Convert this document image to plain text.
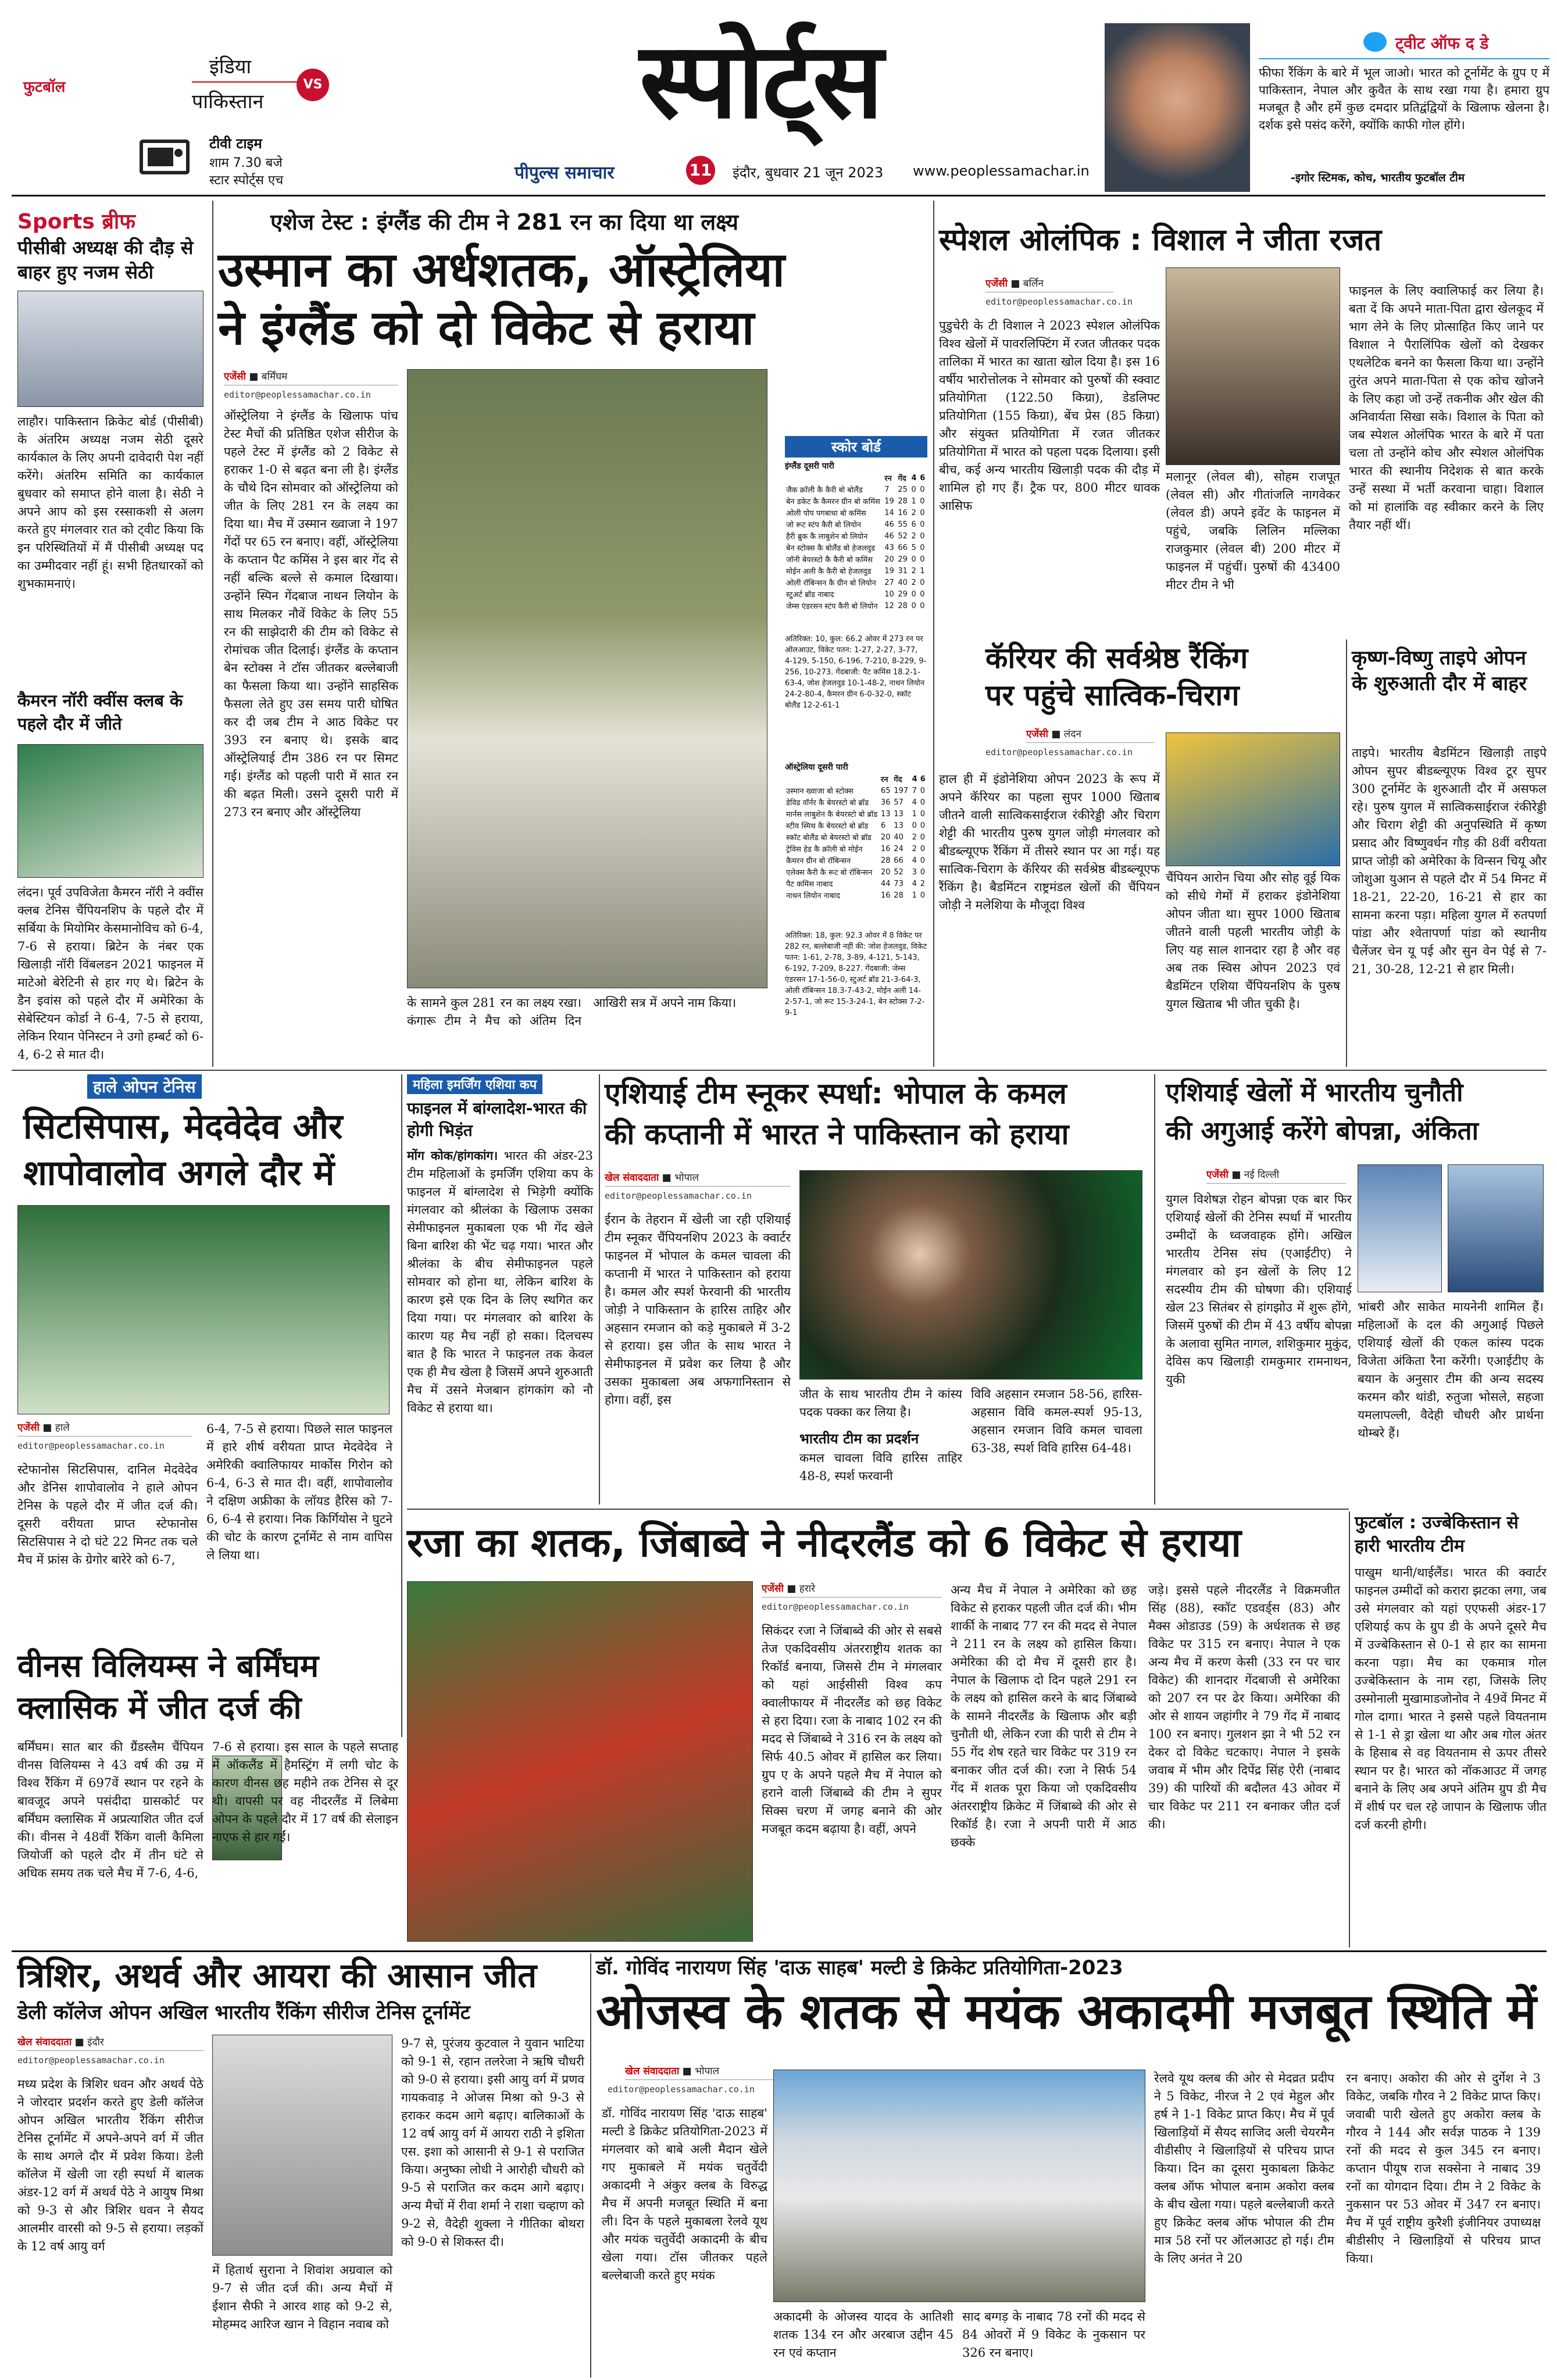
फुटबॉल
इंडिया
पाकिस्तान
VS
टीवी टाइम
शाम 7.30 बजे
स्टार स्पोर्ट्स एच
स्पोर्ट्स
पीपुल्स समाचार	11 इंदौर, बुधवार 21 जून 2023 www.peoplessamachar.in
ट्वीट ऑफ द डे
फीफा रैंकिंग के बारे में भूल जाओ। भारत को टूर्नामेंट के ग्रुप ए में पाकिस्तान, नेपाल और कुवैत के साथ रखा गया है। हमारा ग्रुप मजबूत है और हमें कुछ दमदार प्रतिद्वंद्वियों के खिलाफ खेलना है। दर्शक इसे पसंद करेंगे, क्योंकि काफी गोल होंगे।
-इगोर स्टिमक, कोच, भारतीय फुटबॉल टीम
Sports ब्रीफ
पीसीबी अध्यक्ष की दौड़ से बाहर हुए नजम सेठी
लाहौर। पाकिस्तान क्रिकेट बोर्ड (पीसीबी) के अंतरिम अध्यक्ष नजम सेठी दूसरे कार्यकाल के लिए अपनी दावेदारी पेश नहीं करेंगे। अंतरिम समिति का कार्यकाल बुधवार को समाप्त होने वाला है। सेठी ने अपने आप को इस रस्साकशी से अलग करते हुए मंगलवार रात को ट्वीट किया कि इन परिस्थितियों में मैं पीसीबी अध्यक्ष पद का उम्मीदवार नहीं हूं। सभी हितधारकों को शुभकामनाएं।
कैमरन नॉरी क्वींस क्लब के पहले दौर में जीते
लंदन। पूर्व उपविजेता कैमरन नॉरी ने क्वींस क्लब टेनिस चैंपियनशिप के पहले दौर में सर्बिया के मियोमिर केसमानोविच को 6-4, 7-6 से हराया। ब्रिटेन के नंबर एक खिलाड़ी नॉरी विंबलडन 2021 फाइनल में माटेओ बेरेटिनी से हार गए थे। ब्रिटेन के डैन इवांस को पहले दौर में अमेरिका के सेबेस्टियन कोर्डा ने 6-4, 7-5 से हराया, लेकिन रियान पेनिस्टन ने उगो हम्बर्ट को 6-4, 6-2 से मात दी।
एशेज टेस्ट : इंग्लैंड की टीम ने 281 रन का दिया था लक्ष्य
उस्मान का अर्धशतक, ऑस्ट्रेलिया
ने इंग्लैंड को दो विकेट से हराया
एजेंसी ■ बर्मिंघम
editor@peoplessamachar.co.in
ऑस्ट्रेलिया ने इंग्लैंड के खिलाफ पांच टेस्ट मैचों की प्रतिष्ठित एशेज सीरीज के पहले टेस्ट में इंग्लैंड को 2 विकेट से हराकर 1-0 से बढ़त बना ली है। इंग्लैंड के चौथे दिन सोमवार को ऑस्ट्रेलिया को जीत के लिए 281 रन के लक्ष्य का दिया था। मैच में उस्मान ख्वाजा ने 197 गेंदों पर 65 रन बनाए। वहीं, ऑस्ट्रेलिया के कप्तान पैट कमिंस ने इस बार गेंद से नहीं बल्कि बल्ले से कमाल दिखाया। उन्होंने स्पिन गेंदबाज नाथन लियोन के साथ मिलकर नौवें विकेट के लिए 55 रन की साझेदारी की टीम को विकेट से रोमांचक जीत दिलाई। इंग्लैंड के कप्तान बेन स्टोक्स ने टॉस जीतकर बल्लेबाजी का फैसला किया था। उन्होंने साहसिक फैसला लेते हुए उस समय पारी घोषित कर दी जब टीम ने आठ विकेट पर 393 रन बनाए थे। इसके बाद ऑस्ट्रेलियाई टीम 386 रन पर सिमट गई। इंग्लैंड को पहली पारी में सात रन की बढ़त मिली। उसने दूसरी पारी में 273 रन बनाए और ऑस्ट्रेलिया
के सामने कुल 281 रन का लक्ष्य रखा। कंगारू टीम ने मैच को अंतिम दिन आखिरी सत्र में अपने नाम किया।
स्कोर बोर्ड
इंग्लैंड दूसरी पारी
	रन	गेंद	4	6
जैक क्रॉली कै कैरी बो बोलैंड	7	25	0	0
बेन डकेट कै कैमरन ग्रीन बो कमिंस	19	28	1	0
ओली पोप पगबाधा बो कमिंस	14	16	2	0
जो रूट स्टंप कैरी बो लियोन	46	55	6	0
हैरी ब्रुक कै लाबुशेन बो लियोन	46	52	2	0
बेन स्टोक्स कै बोलैंड बो हेजलवुड	43	66	5	0
जॉनी बेयरस्टो कै कैरी बो कमिंस	20	29	0	0
मोईन अली कै कैरी बो हेजलवुड	19	31	2	1
ओली रॉबिन्सन कै ग्रीन बो लियोन	27	40	2	0
स्टुअर्ट ब्रॉड नाबाद	10	29	0	0
जेम्स एंडरसन स्टंप कैरी बो लियोन	12	28	0	0
अतिरिक्त: 10, कुल: 66.2 ओवर में 273 रन पर ऑलआउट, विकेट पतन: 1-27, 2-27, 3-77, 4-129, 5-150, 6-196, 7-210, 8-229, 9-256, 10-273. गेंदबाजी: पैट कमिंस 18.2-1-63-4, जोश हेजलवुड 10-1-48-2, नाथन लियोन 24-2-80-4, कैमरन ग्रीन 6-0-32-0, स्कॉट बोलैंड 12-2-61-1
ऑस्ट्रेलिया दूसरी पारी
	रन	गेंद	4	6
उस्मान ख्वाजा बो स्टोक्स	65	197	7	0
डेविड वॉर्नर कै बेयरस्टो बो ब्रॉड	36	57	4	0
मार्नस लाबुशेन कै बेयरस्टो बो ब्रॉड	13	13	1	0
स्टीव स्मिथ कै बेयरस्टो बो ब्रॉड	6	13	0	0
स्कॉट बोलैंड बो बेयरस्टो बो ब्रॉड	20	40	2	0
ट्रेविस हेड कै क्रॉली बो मोईन	16	24	2	0
कैमरन ग्रीन बो रॉबिन्सन	28	66	4	0
एलेक्स कैरी कै रूट बो रॉबिन्सन	20	52	3	0
पैट कमिंस नाबाद	44	73	4	2
नाथन लियोन नाबाद	16	28	1	0
अतिरिक्त: 18, कुल: 92.3 ओवर में 8 विकेट पर 282 रन, बल्लेबाजी नहीं की: जोश हेजलवुड, विकेट पतन: 1-61, 2-78, 3-89, 4-121, 5-143, 6-192, 7-209, 8-227. गेंदबाजी: जेम्स एंडरसन 17-1-56-0, स्टुअर्ट ब्रॉड 21-3-64-3, ओली रॉबिन्सन 18.3-7-43-2, मोईन अली 14-2-57-1, जो रूट 15-3-24-1, बेन स्टोक्स 7-2-9-1
स्पेशल ओलंपिक : विशाल ने जीता रजत
एजेंसी ■ बर्लिन
editor@peoplessamachar.co.in
पुडुचेरी के टी विशाल ने 2023 स्पेशल ओलंपिक विश्व खेलों में पावरलिफ्टिंग में रजत जीतकर पदक तालिका में भारत का खाता खोल दिया है। इस 16 वर्षीय भारोत्तोलक ने सोमवार को पुरुषों की स्क्वाट प्रतियोगिता (122.50 किग्रा), डेडलिफ्ट प्रतियोगिता (155 किग्रा), बेंच प्रेस (85 किग्रा) और संयुक्त प्रतियोगिता में रजत जीतकर प्रतियोगिता में भारत को पहला पदक दिलाया। इसी बीच, कई अन्य भारतीय खिलाड़ी पदक की दौड़ में शामिल हो गए हैं। ट्रैक पर, 800 मीटर धावक आसिफ
मलानूर (लेवल बी), सोहम राजपूत (लेवल सी) और गीतांजलि नागवेकर (लेवल डी) अपने इवेंट के फाइनल में पहुंचे, जबकि लिलिन मल्लिका राजकुमार (लेवल बी) 200 मीटर में फाइनल में पहुंचीं। पुरुषों की 43400 मीटर टीम ने भी
फाइनल के लिए क्वालिफाई कर लिया है। बता दें कि अपने माता-पिता द्वारा खेलकूद में भाग लेने के लिए प्रोत्साहित किए जाने पर विशाल ने पैरालिंपिक खेलों को देखकर एथलेटिक बनने का फैसला किया था। उन्होंने तुरंत अपने माता-पिता से एक कोच खोजने के लिए कहा जो उन्हें तकनीक और खेल की अनिवार्यता सिखा सके। विशाल के पिता को जब स्पेशल ओलंपिक भारत के बारे में पता चला तो उन्होंने कोच और स्पेशल ओलंपिक भारत की स्थानीय निदेशक से बात करके उन्हें सस्था में भर्ती करवाना चाहा। विशाल को मां हालांकि वह स्वीकार करने के लिए तैयार नहीं थीं।
कॅरियर की सर्वश्रेष्ठ रैंकिंग
पर पहुंचे सात्विक-चिराग
एजेंसी ■ लंदन
editor@peoplessamachar.co.in
हाल ही में इंडोनेशिया ओपन 2023 के रूप में अपने कॅरियर का पहला सुपर 1000 खिताब जीतने वाली सात्विकसाईराज रंकीरेड्डी और चिराग शेट्टी की भारतीय पुरुष युगल जोड़ी मंगलवार को बीडब्ल्यूएफ रैंकिंग में तीसरे स्थान पर आ गई। यह सात्विक-चिराग के कॅरियर की सर्वश्रेष्ठ बीडब्ल्यूएफ रैंकिंग है। बैडमिंटन राष्ट्रमंडल खेलों की चैंपियन जोड़ी ने मलेशिया के मौजूदा विश्व
चैंपियन आरोन चिया और सोह वूई यिक को सीधे गेमों में हराकर इंडोनेशिया ओपन जीता था। सुपर 1000 खिताब जीतने वाली पहली भारतीय जोड़ी के लिए यह साल शानदार रहा है और वह अब तक स्विस ओपन 2023 एवं बैडमिंटन एशिया चैंपियनशिप के पुरुष युगल खिताब भी जीत चुकी है।
कृष्ण-विष्णु ताइपे ओपन के शुरुआती दौर में बाहर
ताइपे। भारतीय बैडमिंटन खिलाड़ी ताइपे ओपन सुपर बीडब्ल्यूएफ विश्व टूर सुपर 300 टूर्नामेंट के शुरुआती दौर में असफल रहे। पुरुष युगल में सात्विकसाईराज रंकीरेड्डी और चिराग शेट्टी की अनुपस्थिति में कृष्ण प्रसाद और विष्णुवर्धन गौड़ की 8वीं वरीयता प्राप्त जोड़ी को अमेरिका के विन्सन चियू और जोशुआ युआन से पहले दौर में 54 मिनट में 18-21, 22-20, 16-21 से हार का सामना करना पड़ा। महिला युगल में रुतपर्णा पांडा और श्वेतापर्णा पांडा को स्थानीय चैलेंजर चेन यू पई और सुन वेन पेई से 7-21, 30-28, 12-21 से हार मिली।
हाले ओपन टेनिस
सिटसिपास, मेदवेदेव और
शापोवालोव अगले दौर में
एजेंसी ■ हाले
editor@peoplessamachar.co.in
स्टेफानोस सिटसिपास, दानिल मेदवेदेव और डेनिस शापोवालोव ने हाले ओपन टेनिस के पहले दौर में जीत दर्ज की। दूसरी वरीयता प्राप्त स्टेफानोस सिटसिपास ने दो घंटे 22 मिनट तक चले मैच में फ्रांस के ग्रेगोर बारेरे को 6-7,
6-4, 7-5 से हराया। पिछले साल फाइनल में हारे शीर्ष वरीयता प्राप्त मेदवेदेव ने अमेरिकी क्वालिफायर मार्कोस गिरोन को 6-4, 6-3 से मात दी। वहीं, शापोवालोव ने दक्षिण अफ्रीका के लॉयड हैरिस को 7-6, 6-4 से हराया। निक किर्गियोस ने घुटने की चोट के कारण टूर्नामेंट से नाम वापिस ले लिया था।
महिला इमर्जिंग एशिया कप
फाइनल में बांग्लादेश-भारत की होगी भिड़ंत
मोंग कोक/हांगकांग। भारत की अंडर-23 टीम महिलाओं के इमर्जिंग एशिया कप के फाइनल में बांग्लादेश से भिड़ेगी क्योंकि मंगलवार को श्रीलंका के खिलाफ उसका सेमीफाइनल मुकाबला एक भी गेंद खेले बिना बारिश की भेंट चढ़ गया। भारत और श्रीलंका के बीच सेमीफाइनल पहले सोमवार को होना था, लेकिन बारिश के कारण इसे एक दिन के लिए स्थगित कर दिया गया। पर मंगलवार को बारिश के कारण यह मैच नहीं हो सका। दिलचस्प बात है कि भारत ने फाइनल तक केवल एक ही मैच खेला है जिसमें अपने शुरुआती मैच में उसने मेजबान हांगकांग को नौ विकेट से हराया था।
एशियाई टीम स्नूकर स्पर्धा: भोपाल के कमल
की कप्तानी में भारत ने पाकिस्तान को हराया
खेल संवाददाता ■ भोपाल
editor@peoplessamachar.co.in
ईरान के तेहरान में खेली जा रही एशियाई टीम स्नूकर चैंपियनशिप 2023 के क्वार्टर फाइनल में भोपाल के कमल चावला की कप्तानी में भारत ने पाकिस्तान को हराया है। कमल और स्पर्श फेरवानी की भारतीय जोड़ी ने पाकिस्तान के हारिस ताहिर और अहसान रमजान को कड़े मुकाबले में 3-2 से हराया। इस जीत के साथ भारत ने सेमीफाइनल में प्रवेश कर लिया है और उसका मुकाबला अब अफगानिस्तान से होगा। वहीं, इस	जीत के साथ भारतीय टीम ने कांस्य पदक पक्का कर लिया है।
भारतीय टीम का प्रदर्शन
कमल चावला विवि हारिस ताहिर 48-8, स्पर्श फरवानी
विवि अहसान रमजान 58-56, हारिस-अहसान विवि कमल-स्पर्श 95-13, अहसान रमजान विवि कमल चावला 63-38, स्पर्श विवि हारिस 64-48।
एशियाई खेलों में भारतीय चुनौती
की अगुआई करेंगे बोपन्ना, अंकिता
एजेंसी ■ नई दिल्ली
युगल विशेषज्ञ रोहन बोपन्ना एक बार फिर एशियाई खेलों की टेनिस स्पर्धा में भारतीय उम्मीदों के ध्वजवाहक होंगे। अखिल भारतीय टेनिस संघ (एआईटीए) ने मंगलवार को इन खेलों के लिए 12 सदस्यीय टीम की घोषणा की। एशियाई खेल 23 सितंबर से हांगझोउ में शुरू होंगे, जिसमें पुरुषों की टीम में 43 वर्षीय बोपन्ना के अलावा सुमित नागल, शशिकुमार मुकुंद, देविस कप खिलाड़ी रामकुमार रामनाथन, युकी
भांबरी और साकेत मायनेनी शामिल हैं। महिलाओं के दल की अगुआई पिछले एशियाई खेलों की एकल कांस्य पदक विजेता अंकिता रैना करेंगी। एआईटीए के बयान के अनुसार टीम की अन्य सदस्य करमन कौर थांडी, रुतुजा भोसले, सहजा यमलापल्ली, वैदेही चौधरी और प्रार्थना थोम्बरे हैं।
रजा का शतक, जिंबाब्वे ने नीदरलैंड को 6 विकेट से हराया
एजेंसी ■ हरारे
editor@peoplessamachar.co.in
सिकंदर रजा ने जिंबाब्वे की ओर से सबसे तेज एकदिवसीय अंतरराष्ट्रीय शतक का रिकॉर्ड बनाया, जिससे टीम ने मंगलवार को यहां आईसीसी विश्व कप क्वालीफायर में नीदरलैंड को छह विकेट से हरा दिया। रजा के नाबाद 102 रन की मदद से जिंबाब्वे ने 316 रन के लक्ष्य को सिर्फ 40.5 ओवर में हासिल कर लिया। ग्रुप ए के अपने पहले मैच में नेपाल को हराने वाली जिंबाब्वे की टीम ने सुपर सिक्स चरण में जगह बनाने की ओर मजबूत कदम बढ़ाया है। वहीं, अपने
अन्य मैच में नेपाल ने अमेरिका को छह विकेट से हराकर पहली जीत दर्ज की। भीम शार्की के नाबाद 77 रन की मदद से नेपाल ने 211 रन के लक्ष्य को हासिल किया। अमेरिका की दो मैच में दूसरी हार है। नेपाल के खिलाफ दो दिन पहले 291 रन के लक्ष्य को हासिल करने के बाद जिंबाब्वे के सामने नीदरलैंड के खिलाफ और बड़ी चुनौती थी, लेकिन रजा की पारी से टीम ने 55 गेंद शेष रहते चार विकेट पर 319 रन बनाकर जीत दर्ज की। रजा ने सिर्फ 54 गेंद में शतक पूरा किया जो एकदिवसीय अंतरराष्ट्रीय क्रिकेट में जिंबाब्वे की ओर से रिकॉर्ड है। रजा ने अपनी पारी में आठ छक्के
जड़े। इससे पहले नीदरलैंड ने विक्रमजीत सिंह (88), स्कॉट एडवर्ड्स (83) और मैक्स ओडाउड (59) के अर्धशतक से छह विकेट पर 315 रन बनाए। नेपाल ने एक अन्य मैच में करण केसी (33 रन पर चार विकेट) की शानदार गेंदबाजी से अमेरिका को 207 रन पर ढेर किया। अमेरिका की ओर से शायन जहांगीर ने 79 गेंद में नाबाद 100 रन बनाए। गुलशन झा ने भी 52 रन देकर दो विकेट चटकाए। नेपाल ने इसके जवाब में भीम और दिपेंद्र सिंह ऐरी (नाबाद 39) की पारियों की बदौलत 43 ओवर में चार विकेट पर 211 रन बनाकर जीत दर्ज की।
फुटबॉल : उज्बेकिस्तान से हारी भारतीय टीम
पाखुम थानी/थाईलैंड। भारत की क्वार्टर फाइनल उम्मीदों को करारा झटका लगा, जब उसे मंगलवार को यहां एएफसी अंडर-17 एशियाई कप के ग्रुप डी के अपने दूसरे मैच में उज्बेकिस्तान से 0-1 से हार का सामना करना पड़ा। मैच का एकमात्र गोल उज्बेकिस्तान के नाम रहा, जिसके लिए उस्मोनाली मुखामाडजोनोव ने 49वें मिनट में गोल दागा। भारत ने इससे पहले वियतनाम से 1-1 से ड्रा खेला था और अब गोल अंतर के हिसाब से वह वियतनाम से ऊपर तीसरे स्थान पर है। भारत को नॉकआउट में जगह बनाने के लिए अब अपने अंतिम ग्रुप डी मैच में शीर्ष पर चल रहे जापान के खिलाफ जीत दर्ज करनी होगी।
वीनस विलियम्स ने बर्मिंघम
क्लासिक में जीत दर्ज की
बर्मिंघम। सात बार की ग्रैंडस्लैम चैंपियन वीनस विलियम्स ने 43 वर्ष की उम्र में विश्व रैंकिंग में 697वें स्थान पर रहने के बावजूद अपने पसंदीदा ग्रासकोर्ट पर बर्मिंघम क्लासिक में अप्रत्याशित जीत दर्ज की। वीनस ने 48वीं रैंकिंग वाली कैमिला जियोर्जी को पहले दौर में तीन घंटे से अधिक समय तक चले मैच में 7-6, 4-6,
7-6 से हराया। इस साल के पहले सप्ताह में ऑकलैंड में हैमस्ट्रिंग में लगी चोट के कारण वीनस छह महीने तक टेनिस से दूर थी। वापसी पर वह नीदरलैंड में लिबेमा ओपन के पहले दौर में 17 वर्ष की सेलाइन नाएफ से हार गईं।
त्रिशिर, अथर्व और आयरा की आसान जीत
डेली कॉलेज ओपन अखिल भारतीय रैंकिंग सीरीज टेनिस टूर्नामेंट
खेल संवाददाता ■ इंदौर
editor@peoplessamachar.co.in
मध्य प्रदेश के त्रिशिर धवन और अथर्व पेठे ने जोरदार प्रदर्शन करते हुए डेली कॉलेज ओपन अखिल भारतीय रैंकिंग सीरीज टेनिस टूर्नामेंट में अपने-अपने वर्ग में जीत के साथ अगले दौर में प्रवेश किया। डेली कॉलेज में खेली जा रही स्पर्धा में बालक अंडर-12 वर्ग में अथर्व पेठे ने आयुष मिश्रा को 9-3 से और त्रिशिर धवन ने सैयद आलमीर वारसी को 9-5 से हराया। लड़कों के 12 वर्ष आयु वर्ग
में हितार्थ सुराना ने शिवांश अग्रवाल को 9-7 से जीत दर्ज की। अन्य मैचों में ईशान सैफी ने आरव शाह को 9-2 से, मोहम्मद आरिज खान ने विहान नवाब को
9-7 से, पुरंजय कुटवाल ने युवान भाटिया को 9-1 से, रहान तलरेजा ने ऋषि चौधरी को 9-0 से हराया। इसी आयु वर्ग में प्रणव गायकवाड़ ने ओजस मिश्रा को 9-3 से हराकर कदम आगे बढ़ाए। बालिकाओं के 12 वर्ष आयु वर्ग में आयरा राठी ने इशिता एस. इशा को आसानी से 9-1 से पराजित किया। अनुष्का लोधी ने आरोही चौधरी को 9-5 से पराजित कर कदम आगे बढ़ाए। अन्य मैचों में रीवा शर्मा ने राशा चव्हाण को 9-2 से, वैदेही शुक्ला ने गीतिका बोथरा को 9-0 से शिकस्त दी।
डॉ. गोविंद नारायण सिंह 'दाऊ साहब' मल्टी डे क्रिकेट प्रतियोगिता-2023
ओजस्व के शतक से मयंक अकादमी मजबूत स्थिति में
खेल संवाददाता ■ भोपाल
editor@peoplessamachar.co.in
डॉ. गोविंद नारायण सिंह 'दाऊ साहब' मल्टी डे क्रिकेट प्रतियोगिता-2023 में मंगलवार को बाबे अली मैदान खेले गए मुकाबले में मयंक चतुर्वेदी अकादमी ने अंकुर क्लब के विरुद्ध मैच में अपनी मजबूत स्थिति में बना ली। दिन के पहले मुकाबला रेलवे यूथ और मयंक चतुर्वेदी अकादमी के बीच खेला गया। टॉस जीतकर पहले बल्लेबाजी करते हुए मयंक
अकादमी के ओजस्व यादव के आतिशी शतक 134 रन और अरबाज उद्दीन 45 रन एवं कप्तान
साद बग्गड़ के नाबाद 78 रनों की मदद से 84 ओवरों में 9 विकेट के नुकसान पर 326 रन बनाए।
रेलवे यूथ क्लब की ओर से मेदव्रत प्रदीप ने 5 विकेट, नीरज ने 2 एवं मेहुल और हर्ष ने 1-1 विकेट प्राप्त किए। मैच में पूर्व खिलाड़ियों में सैयद साजिद अली चेयरमैन वीडीसीए ने खिलाड़ियों से परिचय प्राप्त किया। दिन का दूसरा मुकाबला क्रिकेट क्लब ऑफ भोपाल बनाम अकोरा क्लब के बीच खेला गया। पहले बल्लेबाजी करते हुए क्रिकेट क्लब ऑफ भोपाल की टीम मात्र 58 रनों पर ऑलआउट हो गई। टीम के लिए अनंत ने 20
रन बनाए। अकोरा की ओर से दुर्गेश ने 3 विकेट, जबकि गौरव ने 2 विकेट प्राप्त किए। जवाबी पारी खेलते हुए अकोरा क्लब के गौरव ने 144 और सर्वज्ञ पाठक ने 139 रनों की मदद से कुल 345 रन बनाए। कप्तान पीयूष राज सक्सेना ने नाबाद 39 रनों का योगदान दिया। टीम ने 2 विकेट के नुकसान पर 53 ओवर में 347 रन बनाए। मैच में पूर्व राष्ट्रीय कुरैशी इंजीनियर उपाध्यक्ष बीडीसीए ने खिलाड़ियों से परिचय प्राप्त किया।
